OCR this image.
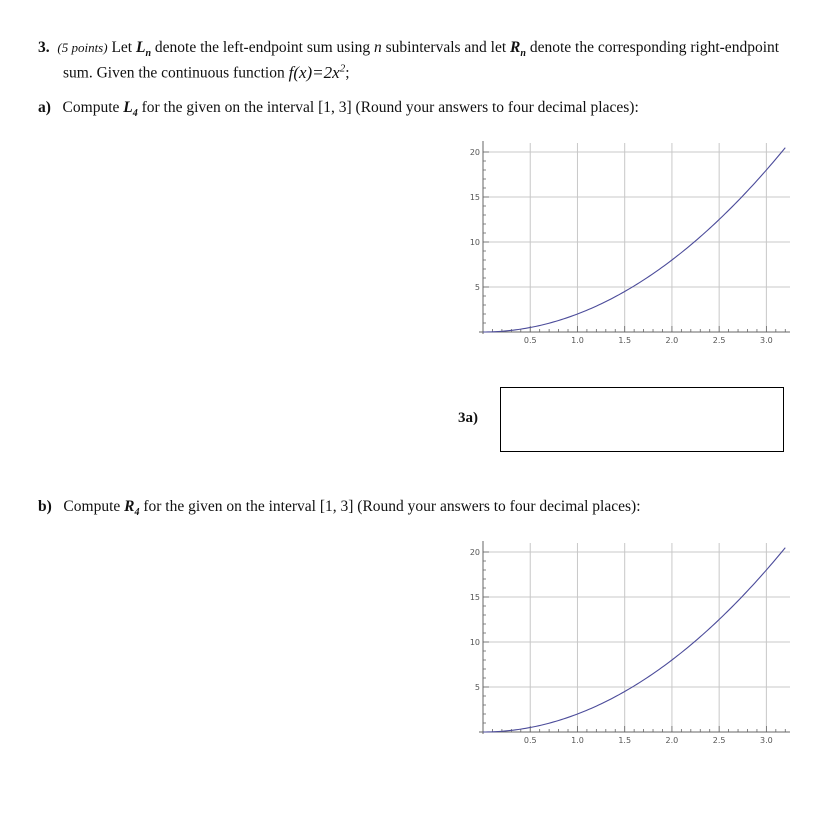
3. (5 points) Let $L_n$ denote the left-endpoint sum using n subintervals and let $R_n$ denote the corresponding right-endpoint
sum. Given the continuous function $f(x)=2x^2$;
a) Compute $L_4$ for the given on the interval [1, 3] (Round your answers to four decimal places):
0.5	1.0	1.5	2.0	2.5	3.0
5
10
15
20
3a)
b) Compute $R_4$ for the given on the interval [1, 3] (Round your answers to four decimal places):
0.5	1.0	1.5	2.0	2.5	3.0
5
10
15
20
